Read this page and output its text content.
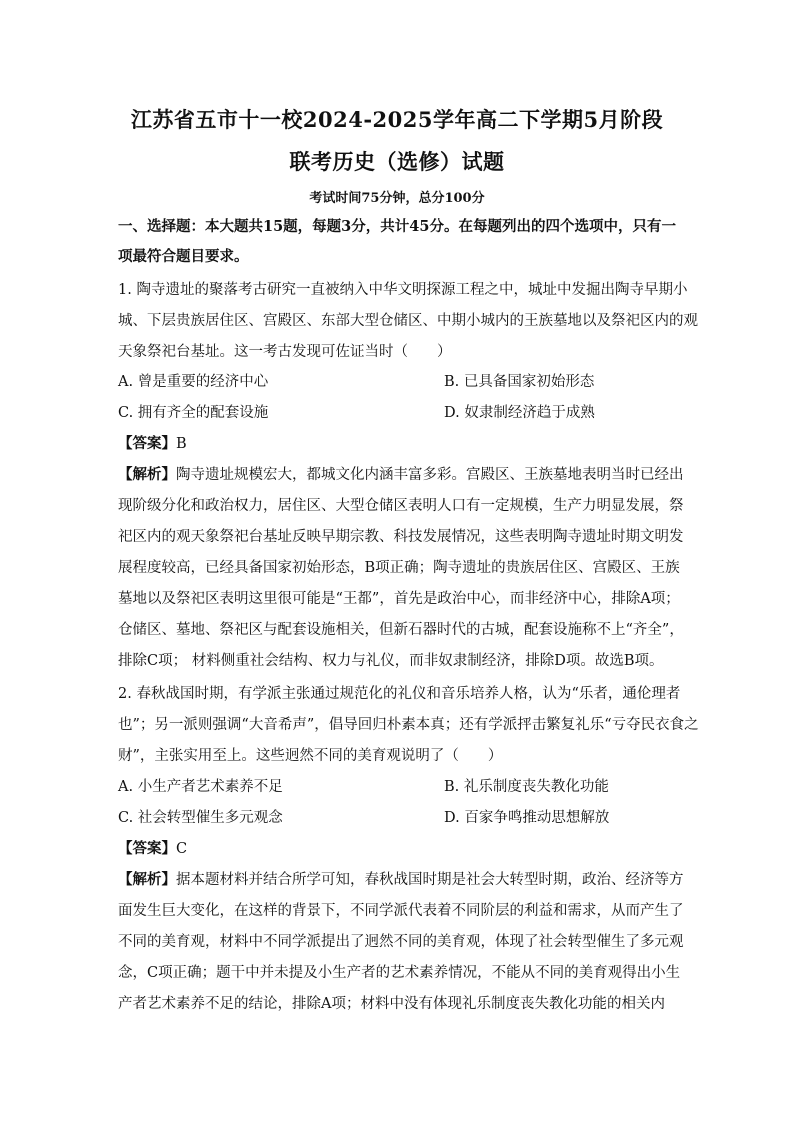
江苏省五市十一校2024-2025学年高二下学期5月阶段
联考历史（选修）试题
考试时间75分钟，总分100分
一、选择题：本大题共15题，每题3分，共计45分。在每题列出的四个选项中，只有一
项最符合题目要求。
1. 陶寺遗址的聚落考古研究一直被纳入中华文明探源工程之中，城址中发掘出陶寺早期小
城、下层贵族居住区、宫殿区、东部大型仓储区、中期小城内的王族墓地以及祭祀区内的观
天象祭祀台基址。这一考古发现可佐证当时（　　）
A. 曾是重要的经济中心	B. 已具备国家初始形态
C. 拥有齐全的配套设施	D. 奴隶制经济趋于成熟
【答案】B
【解析】陶寺遗址规模宏大，都城文化内涵丰富多彩。宫殿区、王族墓地表明当时已经出
现阶级分化和政治权力，居住区、大型仓储区表明人口有一定规模，生产力明显发展，祭
祀区内的观天象祭祀台基址反映早期宗教、科技发展情况，这些表明陶寺遗址时期文明发
展程度较高，已经具备国家初始形态，B项正确；陶寺遗址的贵族居住区、宫殿区、王族
墓地以及祭祀区表明这里很可能是“王都”，首先是政治中心，而非经济中心，排除A项；
仓储区、墓地、祭祀区与配套设施相关，但新石器时代的古城，配套设施称不上“齐全”，
排除C项； 材料侧重社会结构、权力与礼仪，而非奴隶制经济，排除D项。故选B项。
2. 春秋战国时期，有学派主张通过规范化的礼仪和音乐培养人格，认为“乐者，通伦理者
也”；另一派则强调“大音希声”，倡导回归朴素本真；还有学派抨击繁复礼乐“亏夺民衣食之
财”，主张实用至上。这些迥然不同的美育观说明了（　　）
A. 小生产者艺术素养不足	B. 礼乐制度丧失教化功能
C. 社会转型催生多元观念	D. 百家争鸣推动思想解放
【答案】C
【解析】据本题材料并结合所学可知，春秋战国时期是社会大转型时期，政治、经济等方
面发生巨大变化，在这样的背景下，不同学派代表着不同阶层的利益和需求，从而产生了
不同的美育观，材料中不同学派提出了迥然不同的美育观，体现了社会转型催生了多元观
念，C项正确；题干中并未提及小生产者的艺术素养情况，不能从不同的美育观得出小生
产者艺术素养不足的结论，排除A项；材料中没有体现礼乐制度丧失教化功能的相关内
